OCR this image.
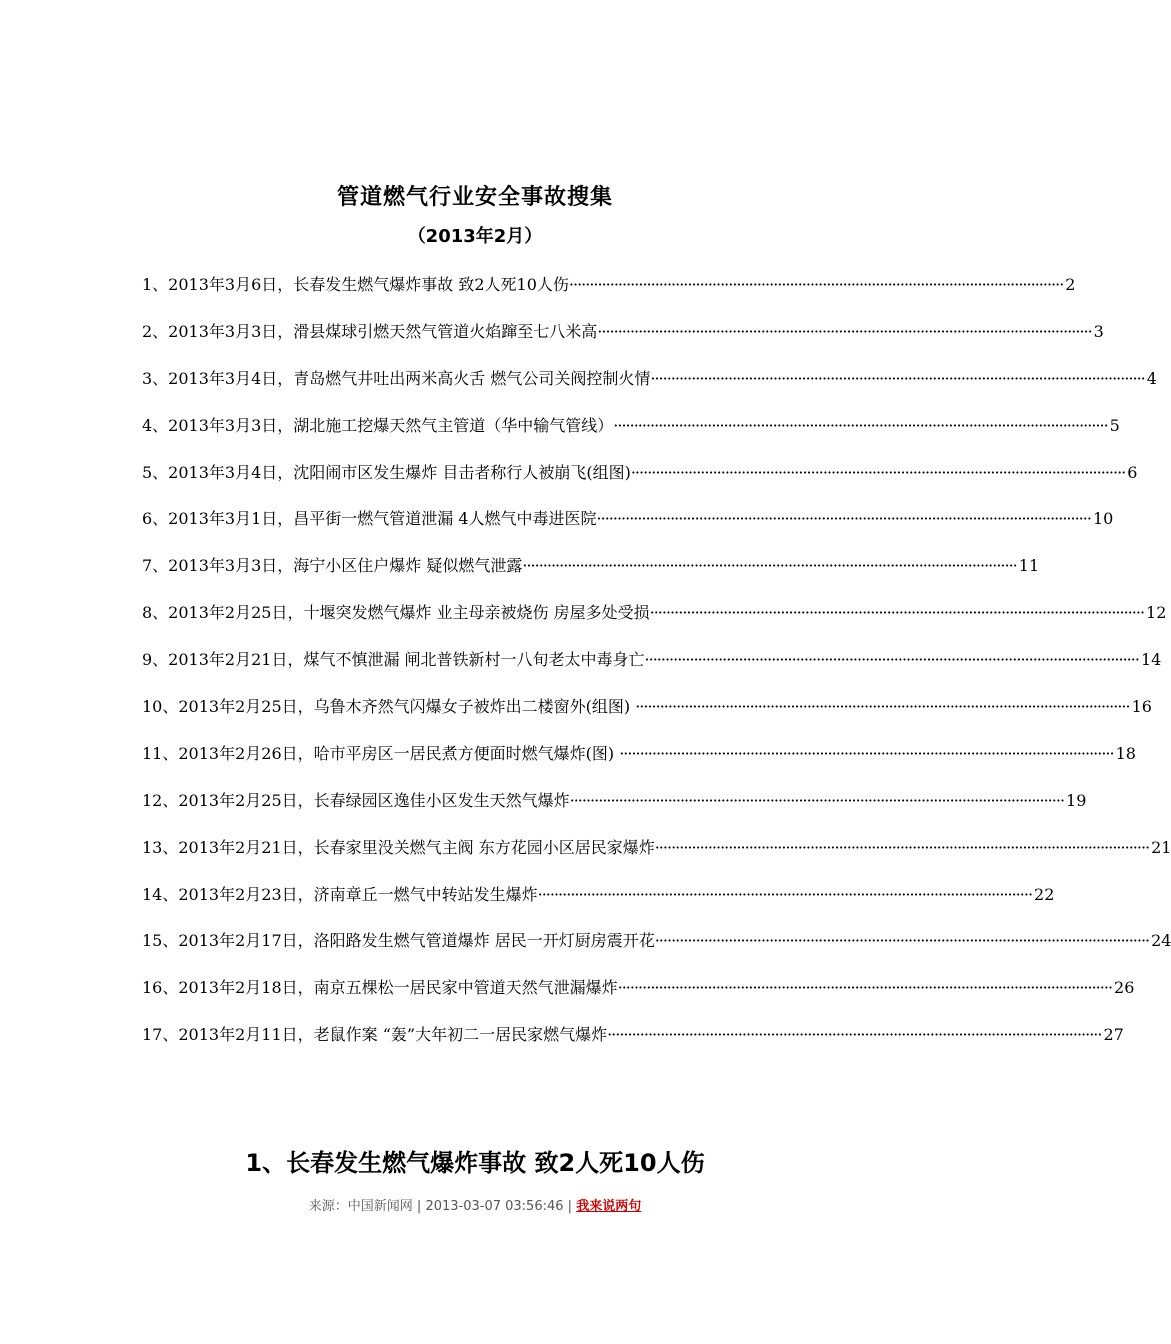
管道燃气行业安全事故搜集
（2013年2月）
1、2013年3月6日，长春发生燃气爆炸事故 致2人死10人伤 ·····	2
2、2013年3月3日，滑县煤球引燃天然气管道火焰蹿至七八米高 ·····	3
3、2013年3月4日，青岛燃气井吐出两米高火舌 燃气公司关阀控制火情 ·····	4
4、2013年3月3日，湖北施工挖爆天然气主管道（华中输气管线） ·····	5
5、2013年3月4日，沈阳闹市区发生爆炸 目击者称行人被崩飞(组图) ·····	6
6、2013年3月1日，昌平街一燃气管道泄漏 4人燃气中毒进医院 ·····	10
7、2013年3月3日，海宁小区住户爆炸 疑似燃气泄露 ·····	11
8、2013年2月25日，十堰突发燃气爆炸 业主母亲被烧伤 房屋多处受损 ·····	12
9、2013年2月21日，煤气不慎泄漏 闸北普铁新村一八旬老太中毒身亡 ·····	14
10、2013年2月25日，乌鲁木齐然气闪爆女子被炸出二楼窗外(组图) ·····	16
11、2013年2月26日，哈市平房区一居民煮方便面时燃气爆炸(图) ·····	18
12、2013年2月25日，长春绿园区逸佳小区发生天然气爆炸 ·····	19
13、2013年2月21日，长春家里没关燃气主阀 东方花园小区居民家爆炸 ·····	21
14、2013年2月23日，济南章丘一燃气中转站发生爆炸 ·····	22
15、2013年2月17日，洛阳路发生燃气管道爆炸 居民一开灯厨房震开花 ·····	24
16、2013年2月18日，南京五棵松一居民家中管道天然气泄漏爆炸 ·····	26
17、2013年2月11日，老鼠作案 “轰”大年初二一居民家燃气爆炸 ·····	27
1、长春发生燃气爆炸事故 致2人死10人伤
来源：中国新闻网 | 2013-03-07 03:56:46 | 我来说两句
